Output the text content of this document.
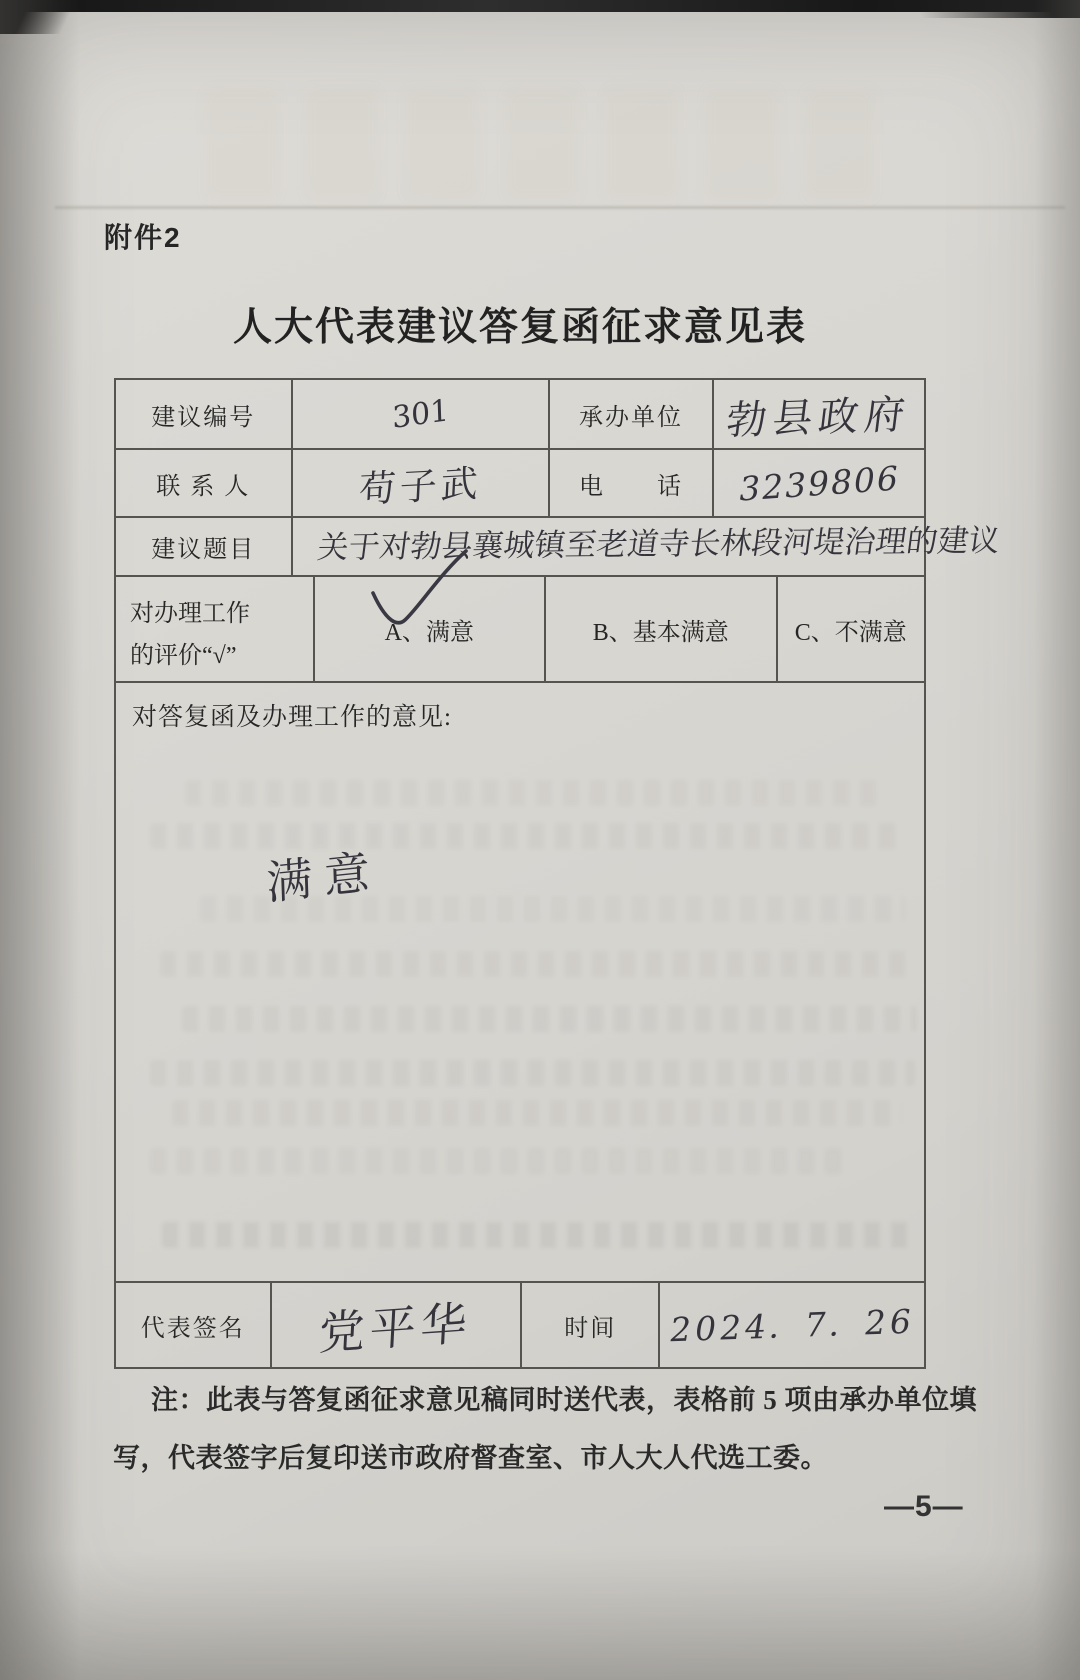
附件2
人大代表建议答复函征求意见表
建议编号	301	承办单位	勃县政府
联 系 人	苟子武	电　　话	3239806
建议题目	关于对勃县襄城镇至老道寺长林段河堤治理的建议
对办理工作
的评价“√”
A、满意	B、基本满意	C、不满意
对答复函及办理工作的意见:
满意
代表签名	党平华	时间	2024. 7. 26
注：此表与答复函征求意见稿同时送代表，表格前 5 项由承办单位填
写，代表签字后复印送市政府督查室、市人大人代选工委。
—5—
